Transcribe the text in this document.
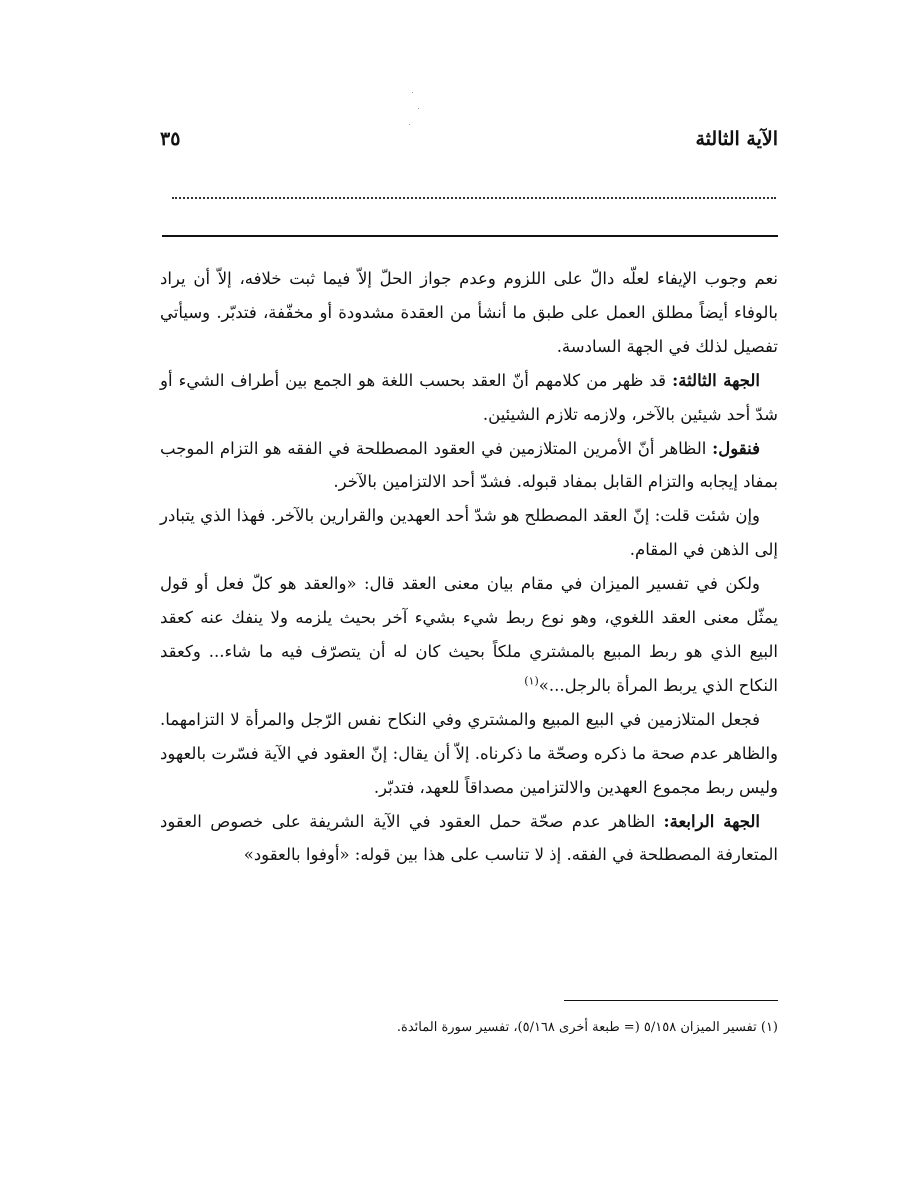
الآية الثالثة
٣٥

نعم وجوب الإيفاء لعلّه دالّ على اللزوم وعدم جواز الحلّ إلاّ فيما ثبت خلافه، إلاّ أن يراد بالوفاء أيضاً مطلق العمل على طبق ما أنشأ من العقدة مشدودة أو مخفّفة، فتدبّر. وسيأتي تفصيل لذلك في الجهة السادسة.

الجهة الثالثة: قد ظهر من كلامهم أنّ العقد بحسب اللغة هو الجمع بين أطراف الشيء أو شدّ أحد شيئين بالآخر، ولازمه تلازم الشيئين.

فنقول: الظاهر أنّ الأمرين المتلازمين في العقود المصطلحة في الفقه هو التزام الموجب بمفاد إيجابه والتزام القابل بمفاد قبوله. فشدّ أحد الالتزامين بالآخر.

وإن شئت قلت: إنّ العقد المصطلح هو شدّ أحد العهدين والقرارين بالآخر. فهذا الذي يتبادر إلى الذهن في المقام.

ولكن في تفسير الميزان في مقام بيان معنى العقد قال: «والعقد هو كلّ فعل أو قول يمثّل معنى العقد اللغوي، وهو نوع ربط شيء بشيء آخر بحيث يلزمه ولا ينفك عنه كعقد البيع الذي هو ربط المبيع بالمشتري ملكاً بحيث كان له أن يتصرّف فيه ما شاء... وكعقد النكاح الذي يربط المرأة بالرجل...»$^{(١)}$

فجعل المتلازمين في البيع المبيع والمشتري وفي النكاح نفس الرّجل والمرأة لا التزامهما. والظاهر عدم صحة ما ذكره وصحّة ما ذكرناه. إلاّ أن يقال: إنّ العقود في الآية فسّرت بالعهود وليس ربط مجموع العهدين والالتزامين مصداقاً للعهد، فتدبّر.

الجهة الرابعة: الظاهر عدم صحّة حمل العقود في الآية الشريفة على خصوص العقود المتعارفة المصطلحة في الفقه. إذ لا تناسب على هذا بين قوله: «أوفوا بالعقود»

(١) تفسير الميزان ٥/١٥٨ (= طبعة أخرى ٥/١٦٨)، تفسير سورة المائدة.
